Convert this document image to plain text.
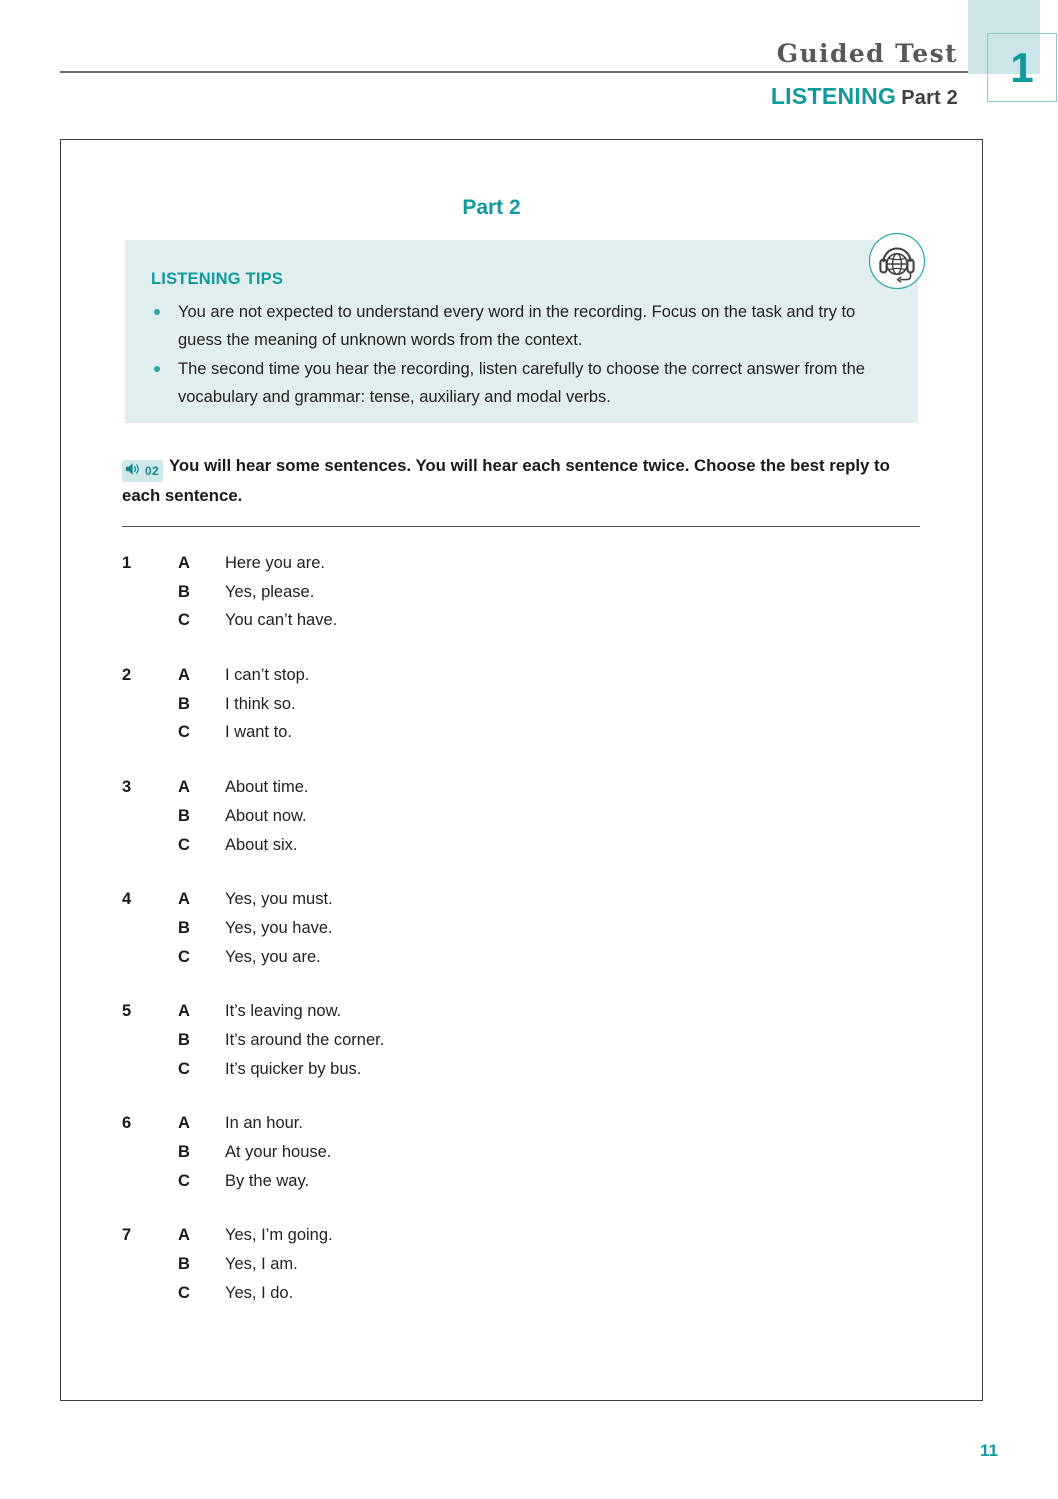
Guided Test
LISTENING Part 2
1
Part 2
LISTENING TIPS
You are not expected to understand every word in the recording. Focus on the task and try to guess the meaning of unknown words from the context.
The second time you hear the recording, listen carefully to choose the correct answer from the vocabulary and grammar: tense, auxiliary and modal verbs.
02 You will hear some sentences. You will hear each sentence twice. Choose the best reply to each sentence.
1	A	Here you are.
B	Yes, please.
C	You can’t have.
2	A	I can’t stop.
B	I think so.
C	I want to.
3	A	About time.
B	About now.
C	About six.
4	A	Yes, you must.
B	Yes, you have.
C	Yes, you are.
5	A	It’s leaving now.
B	It’s around the corner.
C	It’s quicker by bus.
6	A	In an hour.
B	At your house.
C	By the way.
7	A	Yes, I’m going.
B	Yes, I am.
C	Yes, I do.
11
